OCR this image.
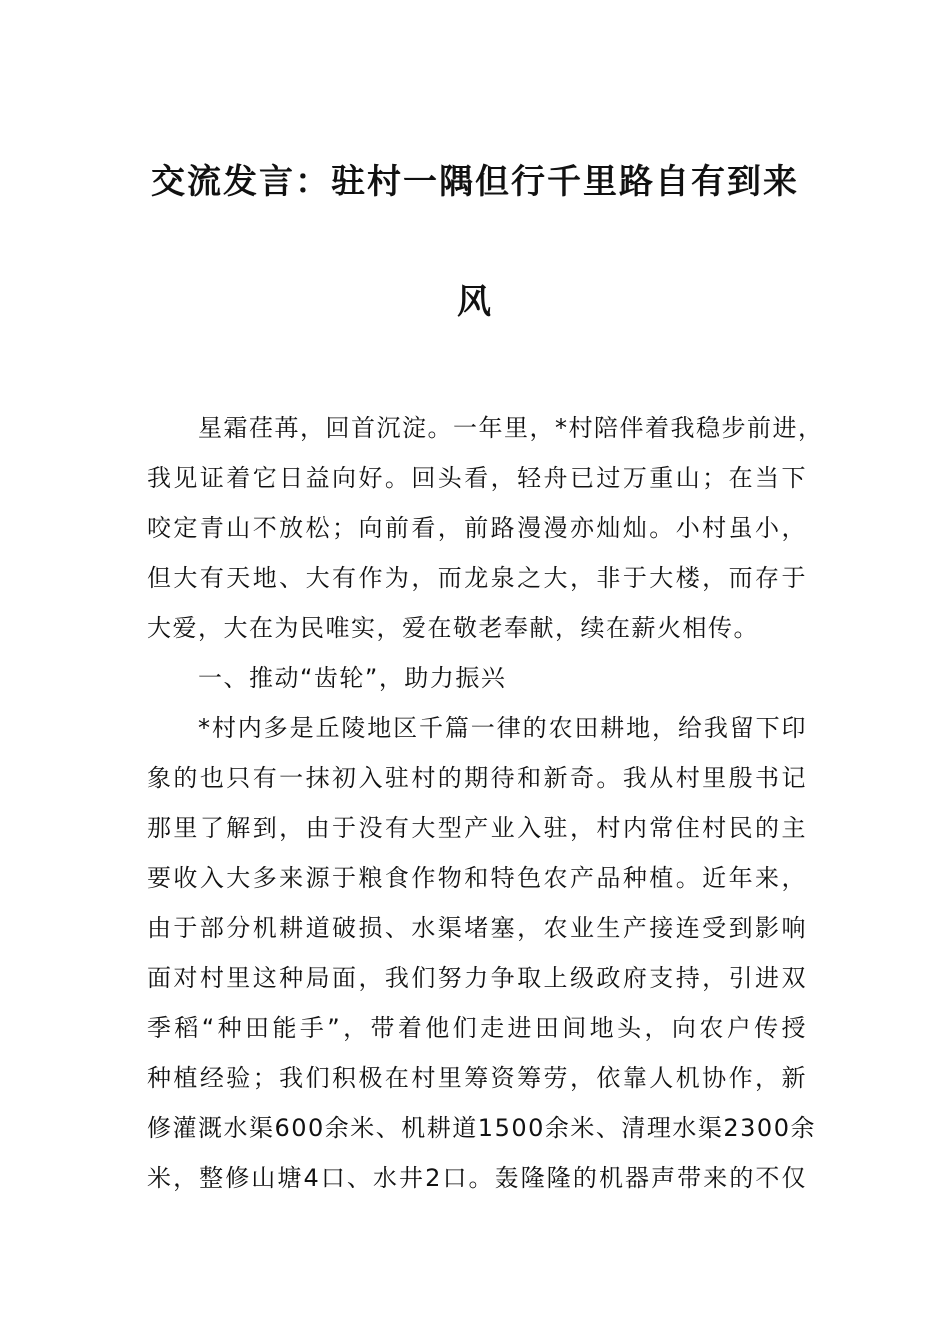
交流发言：驻村一隅但行千里路自有到来
风
星霜荏苒，回首沉淀。一年里，*村陪伴着我稳步前进，
我见证着它日益向好。回头看，轻舟已过万重山；在当下
咬定青山不放松；向前看，前路漫漫亦灿灿。小村虽小，
但大有天地、大有作为，而龙泉之大，非于大楼，而存于
大爱，大在为民唯实，爱在敬老奉献，续在薪火相传。
一、推动“齿轮”，助力振兴
*村内多是丘陵地区千篇一律的农田耕地，给我留下印
象的也只有一抹初入驻村的期待和新奇。我从村里殷书记
那里了解到，由于没有大型产业入驻，村内常住村民的主
要收入大多来源于粮食作物和特色农产品种植。近年来，
由于部分机耕道破损、水渠堵塞，农业生产接连受到影响
面对村里这种局面，我们努力争取上级政府支持，引进双
季稻“种田能手”，带着他们走进田间地头，向农户传授
种植经验；我们积极在村里筹资筹劳，依靠人机协作，新
修灌溉水渠600余米、机耕道1500余米、清理水渠2300余
米，整修山塘4口、水井2口。轰隆隆的机器声带来的不仅
